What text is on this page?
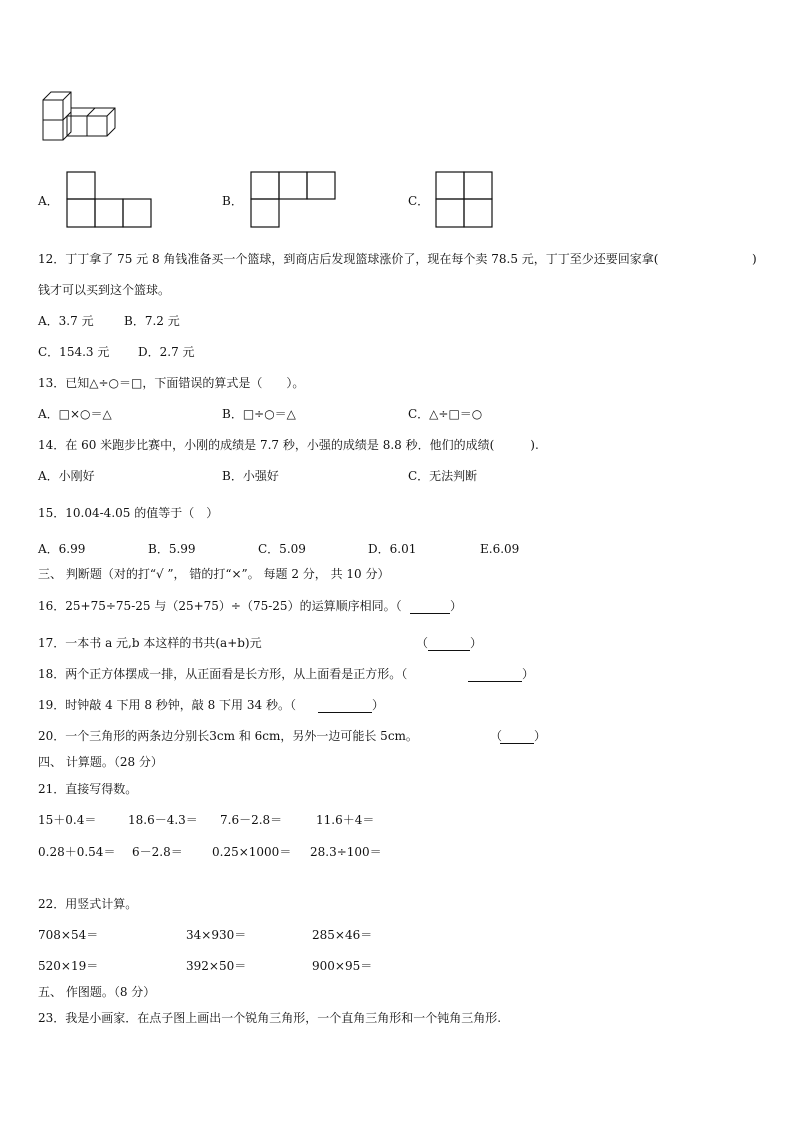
A．	B．	C．
12．丁丁拿了 75 元 8 角钱准备买一个篮球，到商店后发现篮球涨价了，现在每个卖 78.5 元，丁丁至少还要回家拿(	)
钱才可以买到这个篮球。
A．3.7 元	B．7.2 元
C．154.3 元 D．2.7 元
13．已知△÷○＝□，下面错误的算式是（　　）。
A．□×○＝△	B．□÷○＝△	C．△÷□＝○
14．在 60 米跑步比赛中，小刚的成绩是 7.7 秒，小强的成绩是 8.8 秒．他们的成绩(　　　).
A．小刚好	B．小强好	C．无法判断
15．10.04-4.05 的值等于（　）
A．6.99	B．5.99	C．5.09	D．6.01	E.6.09
三、 判断题（对的打“√ ”， 错的打“×”。 每题 2 分， 共 10 分）
16．25+75÷75-25 与（25+75）÷（75-25）的运算顺序相同。（	）
17．一本书 a 元,b 本这样的书共(a+b)元	（	）
18．两个正方体摆成一排，从正面看是长方形，从上面看是正方形。（	）
19．时钟敲 4 下用 8 秒钟，敲 8 下用 34 秒。（	）
20．一个三角形的两条边分别长3cm 和 6cm，另外一边可能长 5cm。	（	）
四、 计算题。（28 分）
21．直接写得数。
15＋0.4＝	18.6－4.3＝ 7.6－2.8＝	11.6＋4＝
0.28＋0.54＝ 6－2.8＝ 0.25×1000＝ 28.3÷100＝
22．用竖式计算。
708×54＝	34×930＝	285×46＝
520×19＝	392×50＝	900×95＝
五、 作图题。（8 分）
23．我是小画家．在点子图上画出一个锐角三角形，一个直角三角形和一个钝角三角形.
